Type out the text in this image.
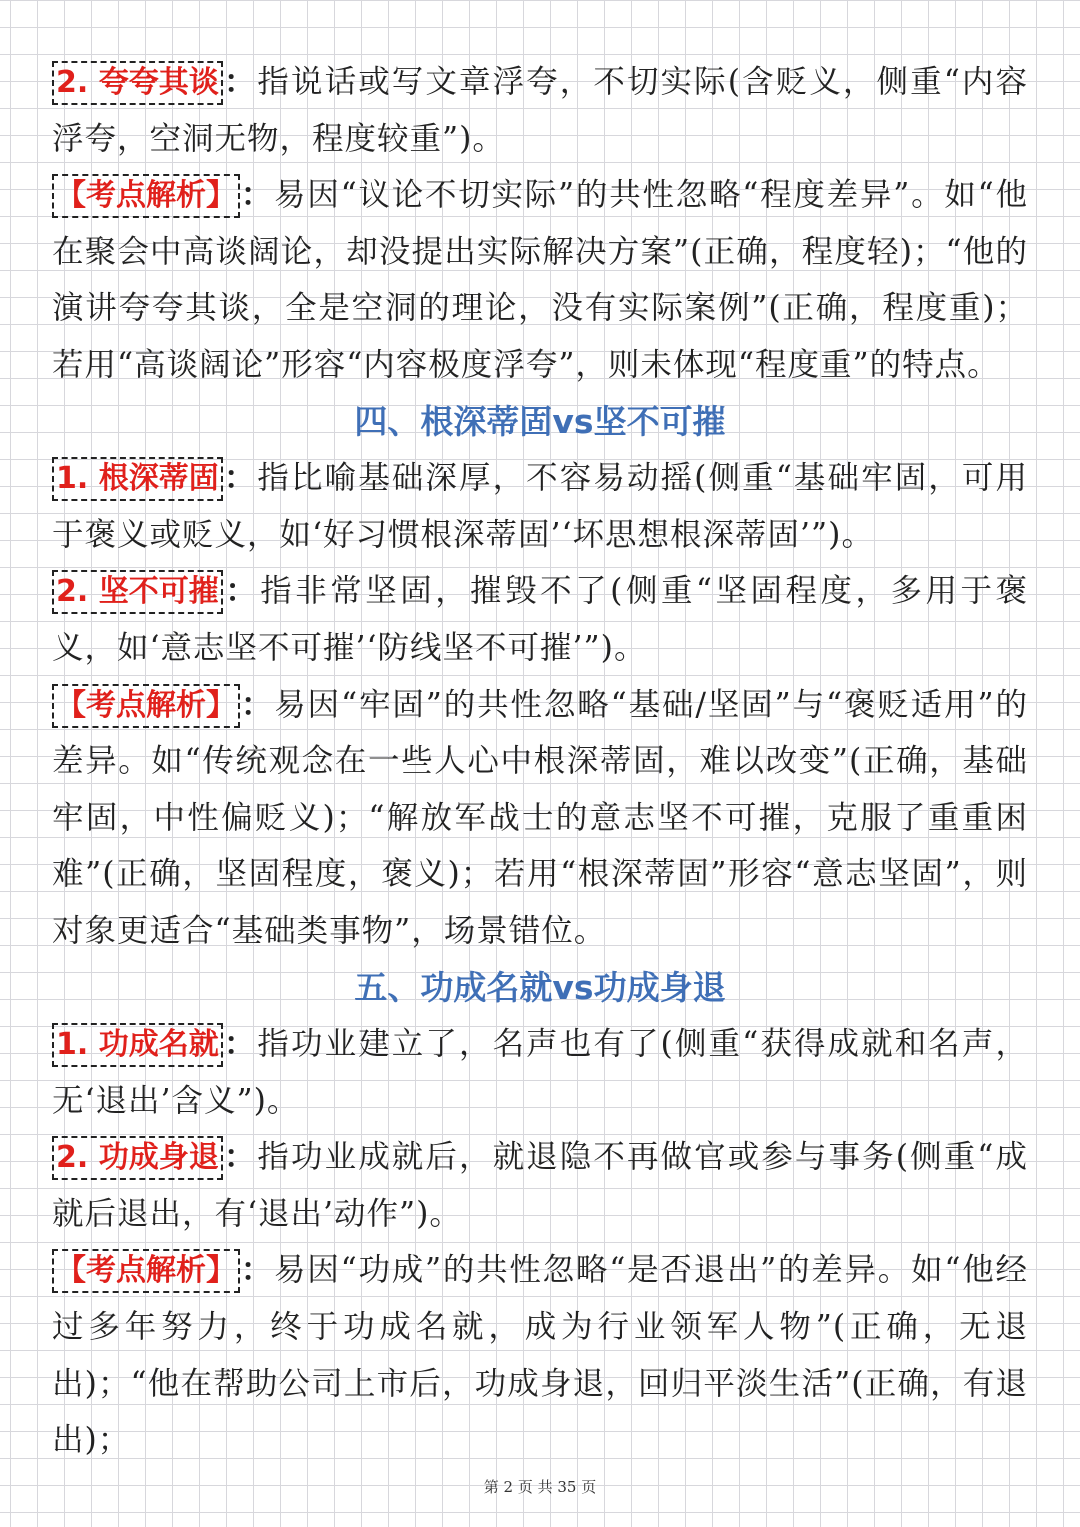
2. 夸夸其谈 ：指说话或写文章浮夸，不切实际(含贬义，侧重“内容浮夸，空洞无物，程度较重”)。

【考点解析】 ：易因“议论不切实际”的共性忽略“程度差异”。如“他在聚会中高谈阔论，却没提出实际解决方案”(正确，程度轻)；“他的演讲夸夸其谈，全是空洞的理论，没有实际案例”(正确，程度重)；若用“高谈阔论”形容“内容极度浮夸”，则未体现“程度重”的特点。

四、根深蒂固vs坚不可摧

1. 根深蒂固 ：指比喻基础深厚，不容易动摇(侧重“基础牢固，可用于褒义或贬义，如‘好习惯根深蒂固’‘坏思想根深蒂固’”)。

2. 坚不可摧 ：指非常坚固，摧毁不了(侧重“坚固程度，多用于褒义，如‘意志坚不可摧’‘防线坚不可摧’”)。

【考点解析】 ：易因“牢固”的共性忽略“基础/坚固”与“褒贬适用”的差异。如“传统观念在一些人心中根深蒂固，难以改变”(正确，基础牢固，中性偏贬义)；“解放军战士的意志坚不可摧，克服了重重困难”(正确，坚固程度，褒义)；若用“根深蒂固”形容“意志坚固”，则对象更适合“基础类事物”，场景错位。

五、功成名就vs功成身退

1. 功成名就 ：指功业建立了，名声也有了(侧重“获得成就和名声，无‘退出’含义”)。

2. 功成身退 ：指功业成就后，就退隐不再做官或参与事务(侧重“成就后退出，有‘退出’动作”)。

【考点解析】 ：易因“功成”的共性忽略“是否退出”的差异。如“他经过多年努力，终于功成名就，成为行业领军人物”(正确，无退出)；“他在帮助公司上市后，功成身退，回归平淡生活”(正确，有退出)；

第 2 页 共 35 页
